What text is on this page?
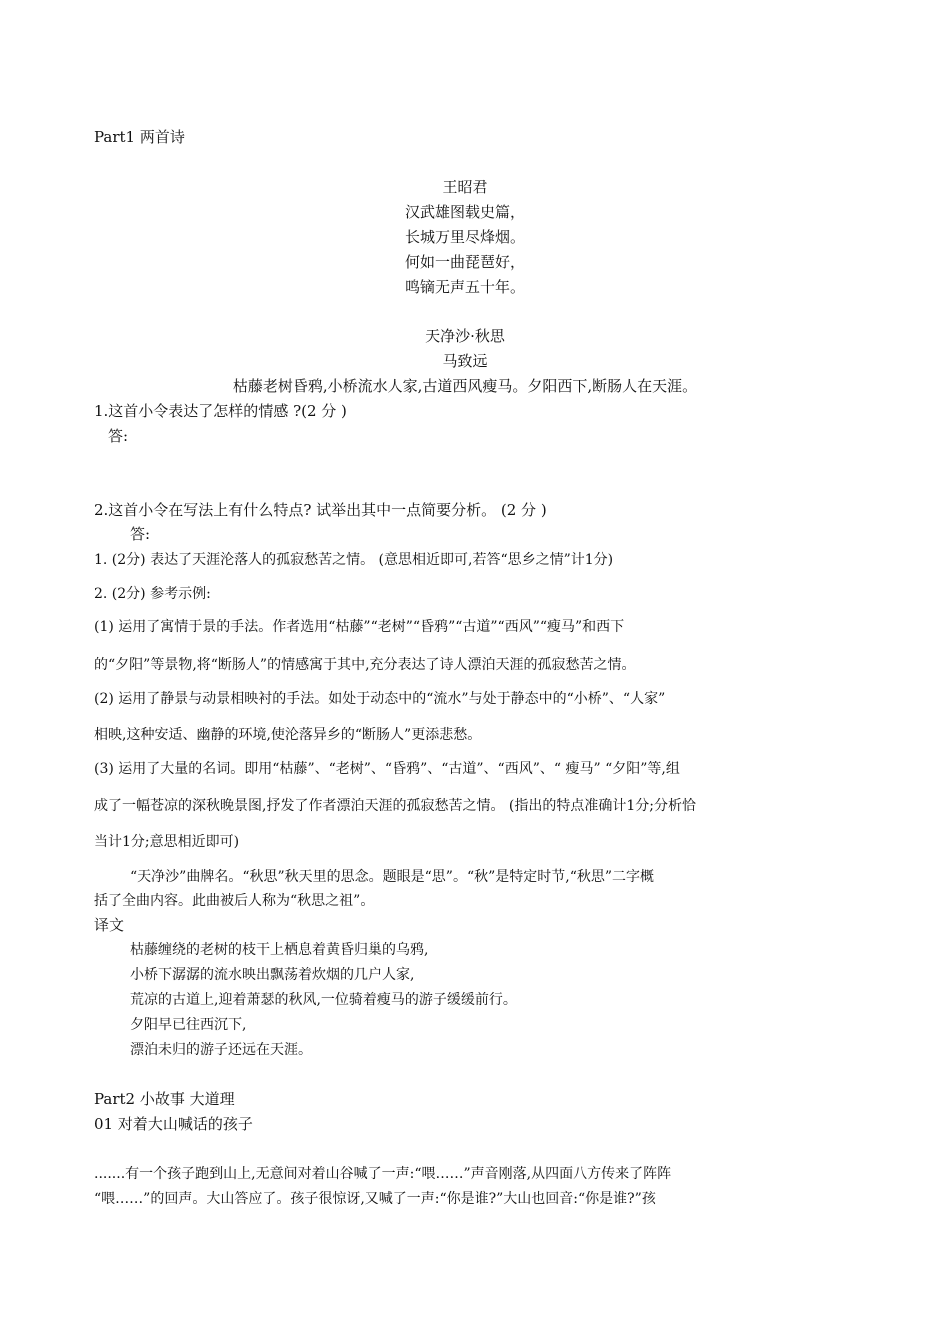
Part1 两首诗
王昭君
汉武雄图载史篇，
长城万里尽烽烟。
何如一曲琵琶好，
鸣镝无声五十年。
天净沙·秋思
马致远
枯藤老树昏鸦,小桥流水人家,古道西风瘦马。夕阳西下,断肠人在天涯。
1.这首小令表达了怎样的情感 ?(2 分 )
答:
2.这首小令在写法上有什么特点? 试举出其中一点简要分析。 (2 分 )
答:
1. (2分) 表达了天涯沦落人的孤寂愁苦之情。 (意思相近即可,若答“思乡之情”计1分)
2. (2分) 参考示例:
(1) 运用了寓情于景的手法。作者选用“枯藤”“老树”“昏鸦”“古道”“西风”“瘦马”和西下
的“夕阳”等景物,将“断肠人”的情感寓于其中,充分表达了诗人漂泊天涯的孤寂愁苦之情。
(2) 运用了静景与动景相映衬的手法。如处于动态中的“流水”与处于静态中的“小桥”、“人家”
相映,这种安适、幽静的环境,使沦落异乡的“断肠人”更添悲愁。
(3) 运用了大量的名词。即用“枯藤”、“老树”、“昏鸦”、“古道”、“西风”、“ 瘦马” “夕阳”等,组
成了一幅苍凉的深秋晚景图,抒发了作者漂泊天涯的孤寂愁苦之情。 (指出的特点准确计1分;分析恰
当计1分;意思相近即可)
“天净沙”曲牌名。“秋思”秋天里的思念。题眼是“思”。“秋”是特定时节,“秋思”二字概
括了全曲内容。此曲被后人称为“秋思之祖”。
译文
枯藤缠绕的老树的枝干上栖息着黄昏归巢的乌鸦,
小桥下潺潺的流水映出飘荡着炊烟的几户人家,
荒凉的古道上,迎着萧瑟的秋风,一位骑着瘦马的游子缓缓前行。
夕阳早已往西沉下,
漂泊未归的游子还远在天涯。
Part2 小故事 大道理
01 对着大山喊话的孩子
.......有一个孩子跑到山上,无意间对着山谷喊了一声:“喂……”声音刚落,从四面八方传来了阵阵
“喂……”的回声。大山答应了。孩子很惊讶,又喊了一声:“你是谁?”大山也回音:“你是谁?”孩
